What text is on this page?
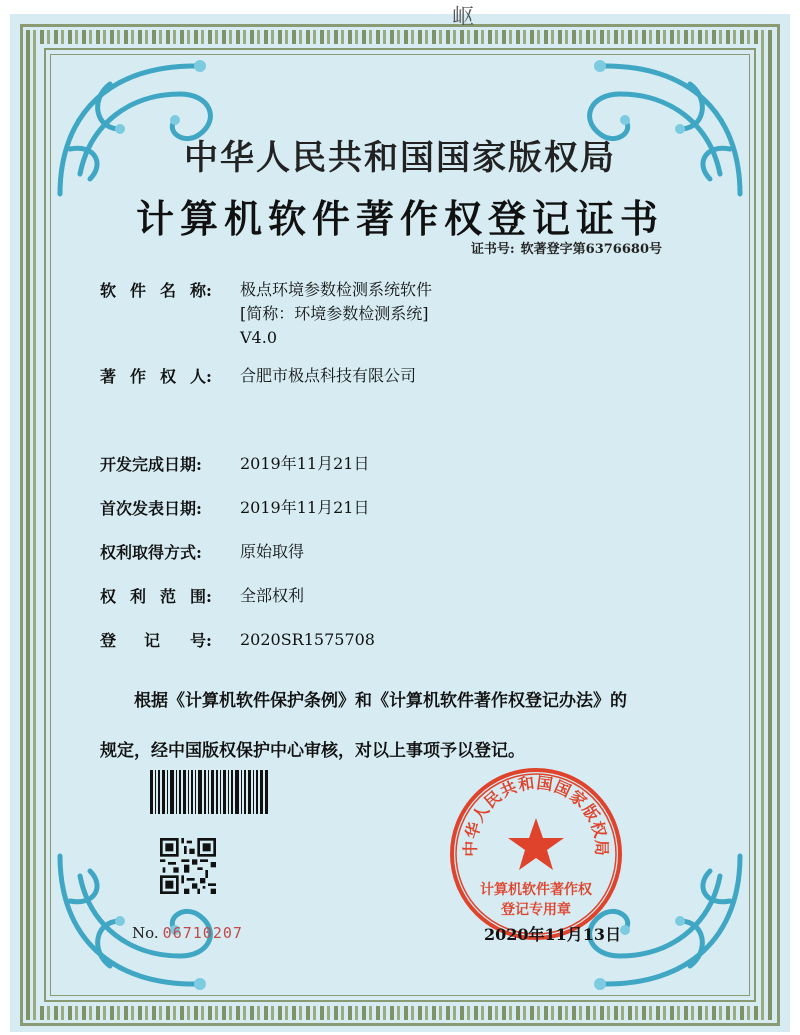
岖
中华人民共和国国家版权局
计算机软件著作权登记证书
证书号: 软著登字第6376680号
软 件 名 称: 极点环境参数检测系统软件
[简称：环境参数检测系统]
V4.0
著 作 权 人: 合肥市极点科技有限公司
开发完成日期: 2019年11月21日
首次发表日期: 2019年11月21日
权利取得方式: 原始取得
权 利 范 围: 全部权利
登 记 号: 2020SR1575708
根据《计算机软件保护条例》和《计算机软件著作权登记办法》的
规定，经中国版权保护中心审核，对以上事项予以登记。
No. 06710207
中华人民共和国国家版权局
计算机软件著作权
登记专用章
2020年11月13日
